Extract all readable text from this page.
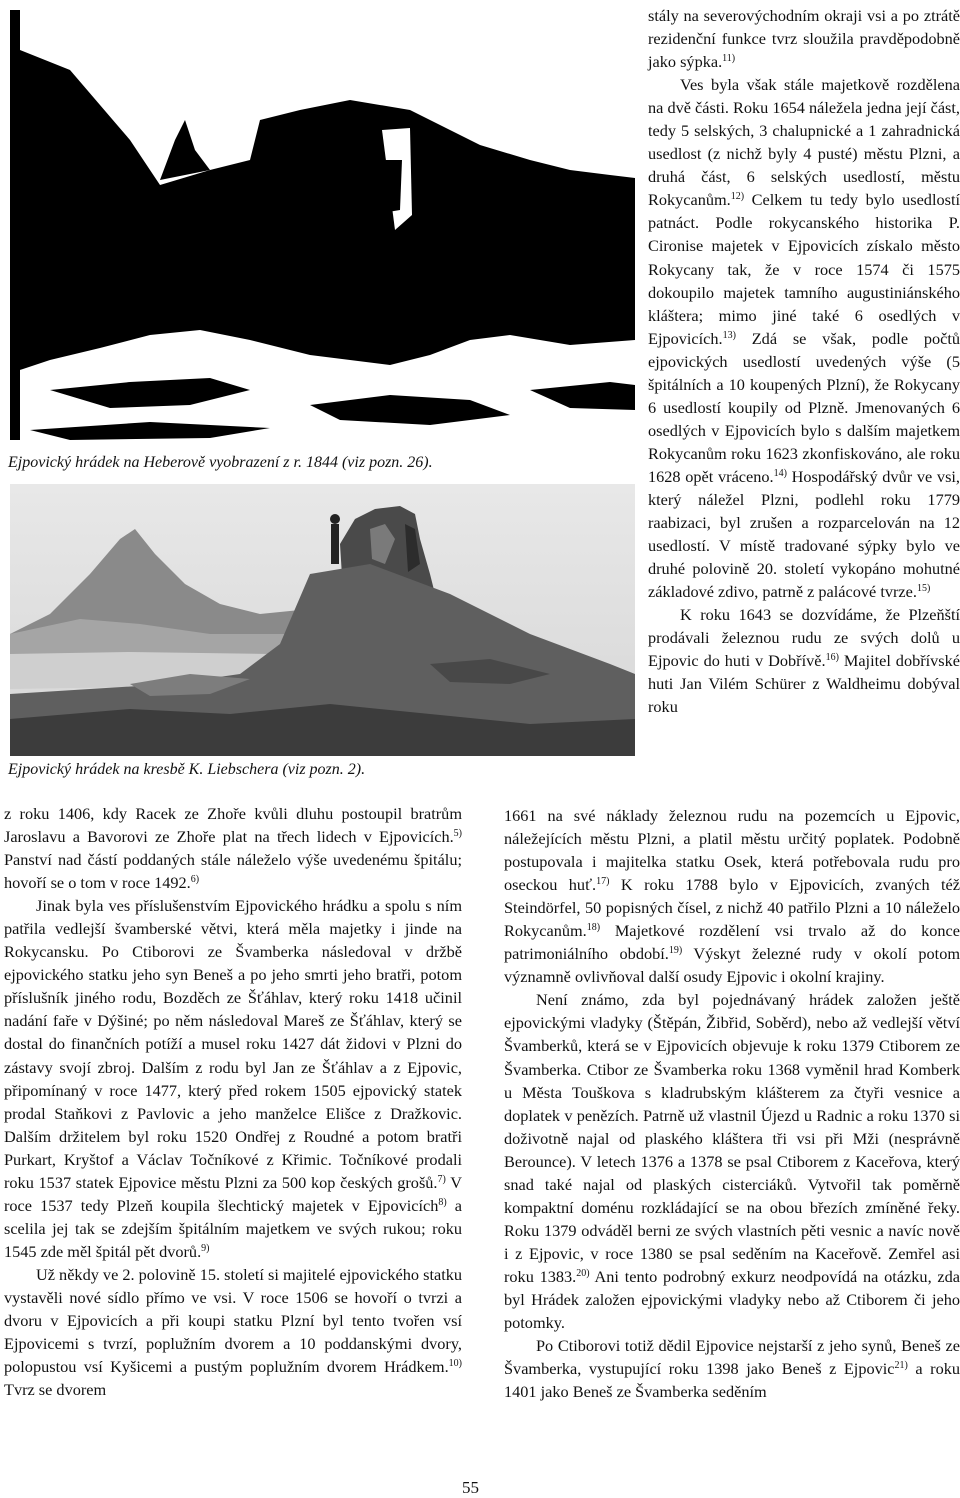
Ejpovický hrádek na Heberově vyobrazení z r. 1844 (viz pozn. 26).
Ejpovický hrádek na kresbě K. Liebschera (viz pozn. 2).

stály na severovýchodním okraji vsi a po ztrátě rezidenční funkce tvrz sloužila pravděpodobně jako sýpka.$^{11)}$

Ves byla však stále majetkově rozdělena na dvě části. Roku 1654 náležela jedna její část, tedy 5 selských, 3 chalupnické a 1 zahradnická usedlost (z nichž byly 4 pusté) městu Plzni, a druhá část, 6 selských usedlostí, městu Rokycanům.$^{12)}$ Celkem tu tedy bylo usedlostí patnáct. Podle rokycanského historika P. Cironise majetek v Ejpovicích získalo město Rokycany tak, že v roce 1574 či 1575 dokoupilo majetek tamního augustiniánského kláštera; mimo jiné také 6 osedlých v Ejpovicích.$^{13)}$ Zdá se však, podle počtů ejpovických usedlostí uvedených výše (5 špitálních a 10 koupených Plzní), že Rokycany 6 usedlostí koupily od Plzně. Jmenovaných 6 osedlých v Ejpovicích bylo s dalším majetkem Rokycanům roku 1623 zkonfiskováno, ale roku 1628 opět vráceno.$^{14)}$ Hospodářský dvůr ve vsi, který náležel Plzni, podlehl roku 1779 raabizaci, byl zrušen a rozparcelován na 12 usedlostí. V místě tradované sýpky bylo ve druhé polovině 20. století vykopáno mohutné základové zdivo, patrně z palácové tvrze.$^{15)}$

K roku 1643 se dozvídáme, že Plzeňští prodávali železnou rudu ze svých dolů u Ejpovic do huti v Dobřívě.$^{16)}$ Majitel dobřívské huti Jan Vilém Schürer z Waldheimu dobýval roku

1661 na své náklady železnou rudu na pozemcích u Ejpovic, náležejících městu Plzni, a platil městu určitý poplatek. Podobně postupovala i majitelka statku Osek, která potřebovala rudu pro oseckou huť.$^{17)}$ K roku 1788 bylo v Ejpovicích, zvaných též Steindörfel, 50 popisných čísel, z nichž 40 patřilo Plzni a 10 náleželo Rokycanům.$^{18)}$ Majetkové rozdělení vsi trvalo až do konce patrimoniálního období.$^{19)}$ Výskyt železné rudy v okolí potom významně ovlivňoval další osudy Ejpovic i okolní krajiny.

Není známo, zda byl pojednávaný hrádek založen ještě ejpovickými vladyky (Štěpán, Žibřid, Soběrd), nebo až vedlejší větví Švamberků, která se v Ejpovicích objevuje k roku 1379 Ctiborem ze Švamberka. Ctibor ze Švamberka roku 1368 vyměnil hrad Komberk u Města Touškova s kladrubským klášterem za čtyři vesnice a doplatek v penězích. Patrně už vlastnil Újezd u Radnic a roku 1370 si doživotně najal od plaského kláštera tři vsi při Mži (nesprávně Berounce). V letech 1376 a 1378 se psal Ctiborem z Kaceřova, který snad také najal od plaských cisterciáků. Vytvořil tak poměrně kompaktní doménu rozkládající se na obou březích zmíněné řeky. Roku 1379 odváděl berni ze svých vlastních pěti vesnic a navíc nově i z Ejpovic, v roce 1380 se psal seděním na Kaceřově. Zemřel asi roku 1383.$^{20)}$ Ani tento podrobný exkurz neodpovídá na otázku, zda byl Hrádek založen ejpovickými vladyky nebo až Ctiborem či jeho potomky.

Po Ctiborovi totiž dědil Ejpovice nejstarší z jeho synů, Beneš ze Švamberka, vystupující roku 1398 jako Beneš z Ejpovic$^{21)}$ a roku 1401 jako Beneš ze Švamberka seděním

z roku 1406, kdy Racek ze Zhoře kvůli dluhu postoupil bratrům Jaroslavu a Bavorovi ze Zhoře plat na třech lidech v Ejpovicích.$^{5)}$ Panství nad částí poddaných stále náleželo výše uvedenému špitálu; hovoří se o tom v roce 1492.$^{6)}$

Jinak byla ves příslušenstvím Ejpovického hrádku a spolu s ním patřila vedlejší švamberské větvi, která měla majetky i jinde na Rokycansku. Po Ctiborovi ze Švamberka následoval v držbě ejpovického statku jeho syn Beneš a po jeho smrti jeho bratři, potom příslušník jiného rodu, Bozděch ze Šťáhlav, který roku 1418 učinil nadání faře v Dýšiné; po něm následoval Mareš ze Šťáhlav, který se dostal do finančních potíží a musel roku 1427 dát židovi v Plzni do zástavy svojí zbroj. Dalším z rodu byl Jan ze Šťáhlav a z Ejpovic, připomínaný v roce 1477, který před rokem 1505 ejpovický statek prodal Staňkovi z Pavlovic a jeho manželce Elišce z Dražkovic. Dalším držitelem byl roku 1520 Ondřej z Roudné a potom bratři Purkart, Kryštof a Václav Točníkové z Křimic. Točníkové prodali roku 1537 statek Ejpovice městu Plzni za 500 kop českých grošů.$^{7)}$ V roce 1537 tedy Plzeň koupila šlechtický majetek v Ejpovicích$^{8)}$ a scelila jej tak se zdejším špitálním majetkem ve svých rukou; roku 1545 zde měl špitál pět dvorů.$^{9)}$

Už někdy ve 2. polovině 15. století si majitelé ejpovického statku vystavěli nové sídlo přímo ve vsi. V roce 1506 se hovoří o tvrzi a dvoru v Ejpovicích a při koupi statku Plzní byl tento tvořen vsí Ejpovicemi s tvrzí, poplužním dvorem a 10 poddanskými dvory, polopustou vsí Kyšicemi a pustým poplužním dvorem Hrádkem.$^{10)}$ Tvrz se dvorem

55
